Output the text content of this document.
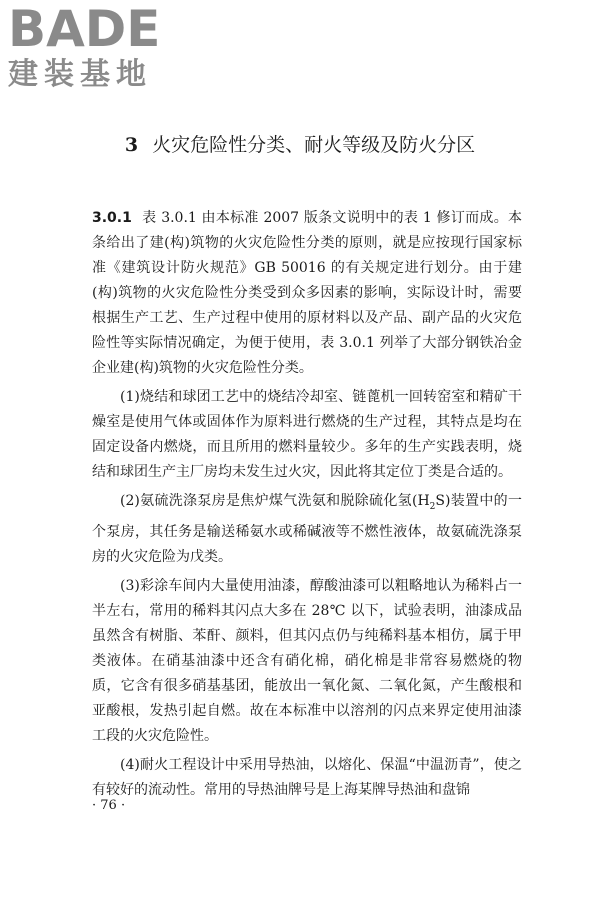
BADE
建装基地
3 火灾危险性分类、耐火等级及防火分区

3.0.1 表 3.0.1 由本标准 2007 版条文说明中的表 1 修订而成。本条给出了建(构)筑物的火灾危险性分类的原则，就是应按现行国家标准《建筑设计防火规范》GB 50016 的有关规定进行划分。由于建(构)筑物的火灾危险性分类受到众多因素的影响，实际设计时，需要根据生产工艺、生产过程中使用的原材料以及产品、副产品的火灾危险性等实际情况确定，为便于使用，表 3.0.1 列举了大部分钢铁冶金企业建(构)筑物的火灾危险性分类。

(1)烧结和球团工艺中的烧结冷却室、链蓖机一回转窑室和精矿干燥室是使用气体或固体作为原料进行燃烧的生产过程，其特点是均在固定设备内燃烧，而且所用的燃料量较少。多年的生产实践表明，烧结和球团生产主厂房均未发生过火灾，因此将其定位丁类是合适的。

(2)氨硫洗涤泵房是焦炉煤气洗氨和脱除硫化氢$(H_2S)$装置中的一个泵房，其任务是输送稀氨水或稀碱液等不燃性液体，故氨硫洗涤泵房的火灾危险为戊类。

(3)彩涂车间内大量使用油漆，醇酸油漆可以粗略地认为稀料占一半左右，常用的稀料其闪点大多在 28℃ 以下，试验表明，油漆成品虽然含有树脂、苯酐、颜料，但其闪点仍与纯稀料基本相仿，属于甲类液体。在硝基油漆中还含有硝化棉，硝化棉是非常容易燃烧的物质，它含有很多硝基基团，能放出一氧化氮、二氧化氮，产生酸根和亚酸根，发热引起自燃。故在本标准中以溶剂的闪点来界定使用油漆工段的火灾危险性。

(4)耐火工程设计中采用导热油，以熔化、保温“中温沥青”，使之有较好的流动性。常用的导热油牌号是上海某牌导热油和盘锦

· 76 ·
